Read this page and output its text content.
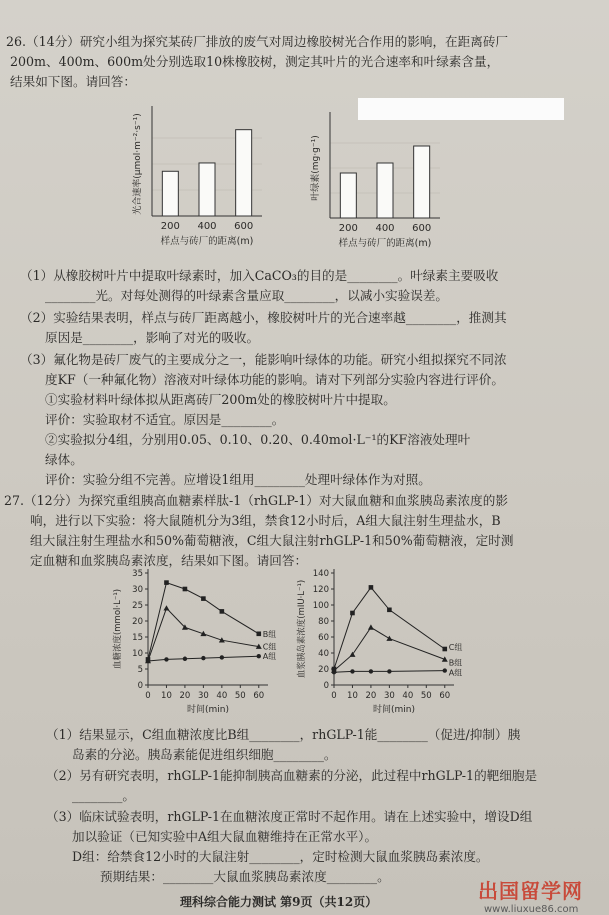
26.（14分）研究小组为探究某砖厂排放的废气对周边橡胶树光合作用的影响，在距离砖厂
200m、400m、600m处分别选取10株橡胶树，测定其叶片的光合速率和叶绿素含量，
结果如下图。请回答：
200 400 600
样点与砖厂的距离(m)
光合速率(μmol·m⁻²·s⁻¹)
200 400 600
样点与砖厂的距离(m)
叶绿素(mg·g⁻¹)
（1）从橡胶树叶片中提取叶绿素时，加入CaCO₃的目的是________。叶绿素主要吸收
________光。对每处测得的叶绿素含量应取________，以减小实验误差。
（2）实验结果表明，样点与砖厂距离越小，橡胶树叶片的光合速率越________，推测其
原因是________，影响了对光的吸收。
（3）氟化物是砖厂废气的主要成分之一，能影响叶绿体的功能。研究小组拟探究不同浓
度KF（一种氟化物）溶液对叶绿体功能的影响。请对下列部分实验内容进行评价。
①实验材料叶绿体拟从距离砖厂200m处的橡胶树叶片中提取。
评价：实验取材不适宜。原因是________。
②实验拟分4组，分别用0.05、0.10、0.20、0.40mol·L⁻¹的KF溶液处理叶
绿体。
评价：实验分组不完善。应增设1组用________处理叶绿体作为对照。
27.（12分）为探究重组胰高血糖素样肽-1（rhGLP-1）对大鼠血糖和血浆胰岛素浓度的影
响，进行以下实验：将大鼠随机分为3组，禁食12小时后，A组大鼠注射生理盐水，B
组大鼠注射生理盐水和50%葡萄糖液，C组大鼠注射rhGLP-1和50%葡萄糖液，定时测
定血糖和血浆胰岛素浓度，结果如下图。请回答：
0
5
10
15
20
25
30
35
0 10 20 30 40 50 60
时间(min)
血糖浓度(mmol·L⁻¹)	B组
C组
A组
0
20
40
60
80
100
120
140
0 10 20 30 40 50 60
时间(min)
血浆胰岛素浓度(mIU·L⁻¹)	C组
B组
A组
（1）结果显示，C组血糖浓度比B组________，rhGLP-1能________（促进/抑制）胰
岛素的分泌。胰岛素能促进组织细胞________。
（2）另有研究表明，rhGLP-1能抑制胰高血糖素的分泌，此过程中rhGLP-1的靶细胞是
________。
（3）临床试验表明，rhGLP-1在血糖浓度正常时不起作用。请在上述实验中，增设D组
加以验证（已知实验中A组大鼠血糖维持在正常水平）。
D组：给禁食12小时的大鼠注射________，定时检测大鼠血浆胰岛素浓度。
预期结果：________大鼠血浆胰岛素浓度________。
理科综合能力测试 第9页（共12页）	出国留学网
www.liuxue86.com
